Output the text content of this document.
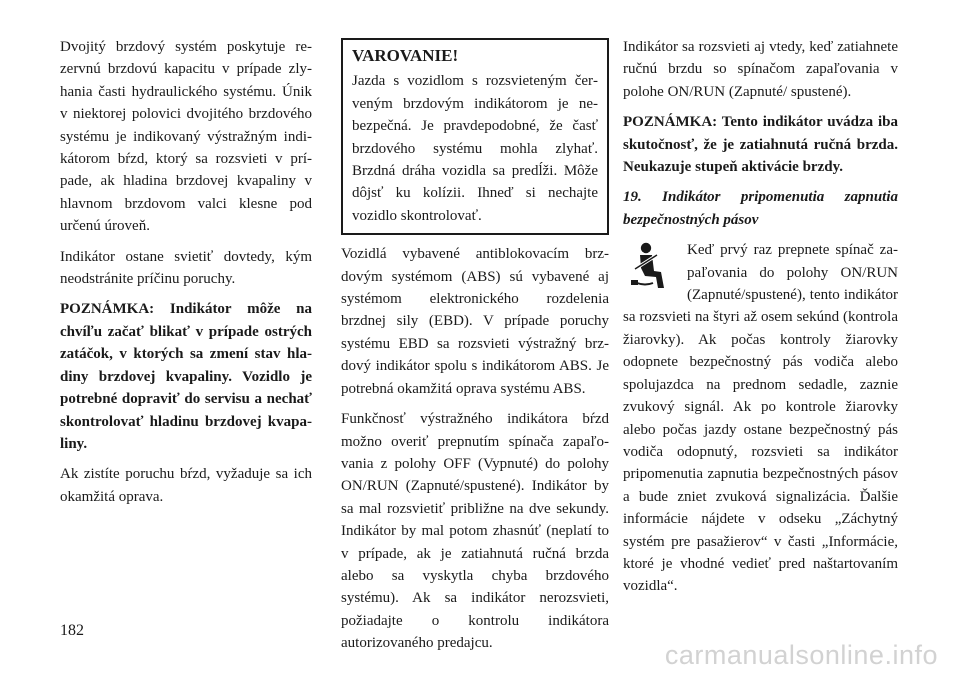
Dvojitý brzdový systém poskytuje rezervnú brzdovú kapacitu v prípade zlyhania časti hydraulického systému. Únik v niektorej polovici dvojitého brzdového systému je indikovaný výstražným indikátorom bŕzd, ktorý sa rozsvieti v prípade, ak hladina brzdovej kvapaliny v hlavnom brzdovom valci klesne pod určenú úroveň.

Indikátor ostane svietiť dovtedy, kým neodstránite príčinu poruchy.

POZNÁMKA: Indikátor môže na chvíľu začať blikať v prípade ostrých zatáčok, v ktorých sa zmení stav hladiny brzdovej kvapaliny. Vozidlo je potrebné dopraviť do servisu a nechať skontrolovať hladinu brzdovej kvapaliny.

Ak zistíte poruchu bŕzd, vyžaduje sa ich okamžitá oprava.

VAROVANIE!

Jazda s vozidlom s rozsvieteným červeným brzdovým indikátorom je nebezpečná. Je pravdepodobné, že časť brzdového systému mohla zlyhať. Brzdná dráha vozidla sa predĺži. Môže dôjsť ku kolízii. Ihneď si nechajte vozidlo skontrolovať.

Vozidlá vybavené antiblokovacím brzdovým systémom (ABS) sú vybavené aj systémom elektronického rozdelenia brzdnej sily (EBD). V prípade poruchy systému EBD sa rozsvieti výstražný brzdový indikátor spolu s indikátorom ABS. Je potrebná okamžitá oprava systému ABS.

Funkčnosť výstražného indikátora bŕzd možno overiť prepnutím spínača zapaľovania z polohy OFF (Vypnuté) do polohy ON/RUN (Zapnuté/spustené). Indikátor by sa mal rozsvietiť približne na dve sekundy. Indikátor by mal potom zhasnúť (neplatí to v prípade, ak je zatiahnutá ručná brzda alebo sa vyskytla chyba brzdového systému). Ak sa indikátor nerozsvieti, požiadajte o kontrolu indikátora autorizovaného predajcu.

Indikátor sa rozsvieti aj vtedy, keď zatiahnete ručnú brzdu so spínačom zapaľovania v polohe ON/RUN (Zapnuté/ spustené).

POZNÁMKA: Tento indikátor uvádza iba skutočnosť, že je zatiahnutá ručná brzda. Neukazuje stupeň aktivácie brzdy.

19. Indikátor pripomenutia zapnutia bezpečnostných pásov

Keď prvý raz prepnete spínač zapaľovania do polohy ON/RUN (Zapnuté/spustené), tento indikátor sa rozsvieti na štyri až osem sekúnd (kontrola žiarovky). Ak počas kontroly žiarovky odopnete bezpečnostný pás vodiča alebo spolujazdca na prednom sedadle, zaznie zvukový signál. Ak po kontrole žiarovky alebo počas jazdy ostane bezpečnostný pás vodiča odopnutý, rozsvieti sa indikátor pripomenutia zapnutia bezpečnostných pásov a bude zniet zvuková signalizácia. Ďalšie informácie nájdete v odseku „Záchytný systém pre pasažierov“ v časti „Informácie, ktoré je vhodné vedieť pred naštartovaním vozidla“.

182
carmanualsonline.info
